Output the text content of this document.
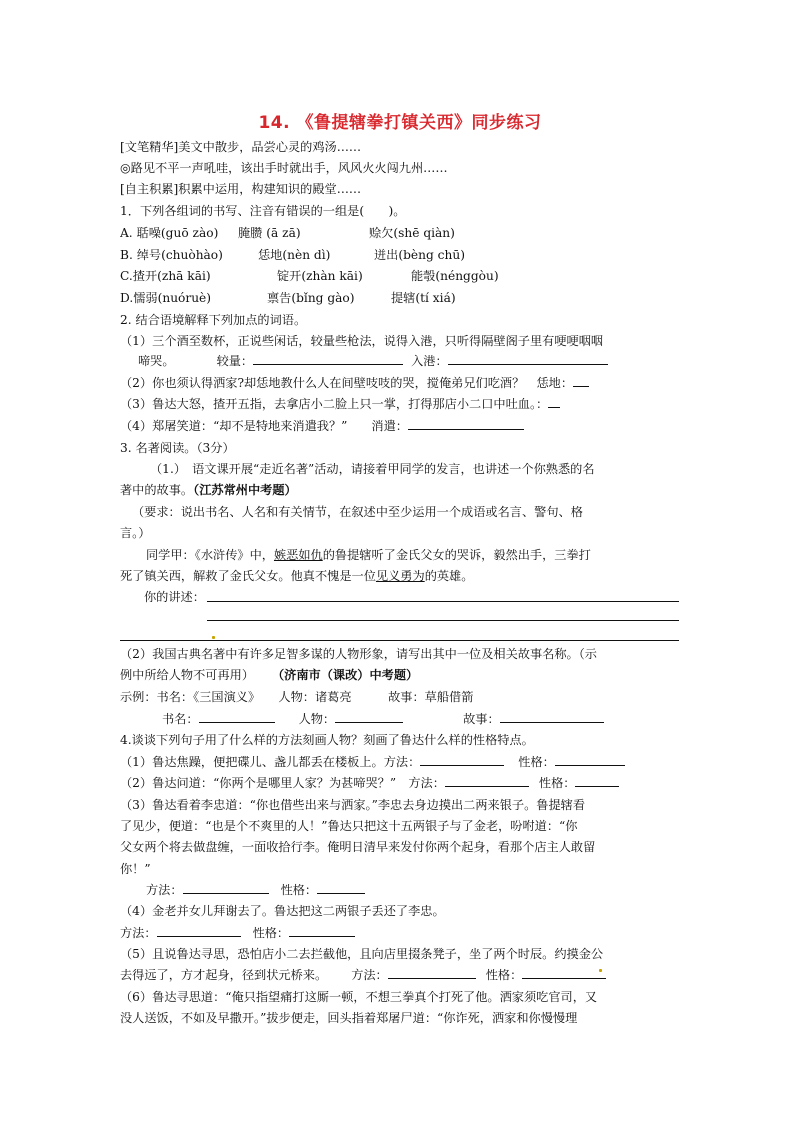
14. 《鲁提辖拳打镇关西》同步练习
[文笔精华]美文中散步，品尝心灵的鸡汤……
◎路见不平一声吼哇，该出手时就出手，风风火火闯九州……
[自主积累]积累中运用，构建知识的殿堂……
1．下列各组词的书写、注音有错误的一组是(　　)。
A. 聒噪(guō zào) 腌臜 (ā zā)	赊欠(shē qiàn)
B. 绰号(chuòhào)	恁地(nèn dì)	迸出(bèng chū)
C.揸开(zhā kāi)	锭开(zhàn kāi)	能彀(nénggòu)
D.懦弱(nuóruè)	禀告(bǐng gào)	提辖(tí xiá)
2. 结合语境解释下列加点的词语。
（1）三个酒至数杯，正说些闲话，较量些枪法，说得入港，只听得隔壁阁子里有哽哽咽咽
啼哭。	较量：	入港：
（2）你也须认得洒家?却恁地教什么人在间壁吱吱的哭，搅俺弟兄们吃酒？　恁地：
（3）鲁达大怒，揸开五指，去拿店小二脸上只一掌，打得那店小二口中吐血。：
（4）郑屠笑道：“却不是特地来消遣我？” 消遣：
3. 名著阅读。（3分）
（1.）　语文课开展“走近名著”活动，请接着甲同学的发言，也讲述一个你熟悉的名
著中的故事。（江苏常州中考题）
（要求：说出书名、人名和有关情节，在叙述中至少运用一个成语或名言、警句、格
言。）
同学甲：《水浒传》中，嫉恶如仇的鲁提辖听了金氏父女的哭诉，毅然出手，三拳打
死了镇关西，解救了金氏父女。他真不愧是一位见义勇为的英雄。
你的讲述：
（2）我国古典名著中有许多足智多谋的人物形象，请写出其中一位及相关故事名称。（示
例中所给人物不可再用） （济南市（课改）中考题）
示例：书名：《三国演义》　　人物：诸葛亮　　　故事：草船借箭
书名：	人物：	故事：
4.谈谈下列句子用了什么样的方法刻画人物？刻画了鲁达什么样的性格特点。
（1）鲁达焦躁，便把碟儿、盏儿都丢在楼板上。方法：	性格：
（2）鲁达问道：“你两个是哪里人家？为甚啼哭？”　方法：	性格：
（3）鲁达看着李忠道：“你也借些出来与洒家。”李忠去身边摸出二两来银子。鲁提辖看
了见少，便道：“也是个不爽里的人！”鲁达只把这十五两银子与了金老，吩咐道：“你
父女两个将去做盘缠，一面收拾行李。俺明日清早来发付你两个起身，看那个店主人敢留
你！”
方法：	性格：
（4）金老并女儿拜谢去了。鲁达把这二两银子丢还了李忠。
方法：	性格：
（5）且说鲁达寻思，恐怕店小二去拦截他，且向店里掇条凳子，坐了两个时辰。约摸金公
去得远了，方才起身，径到状元桥来。 方法：	性格：
（6）鲁达寻思道：“俺只指望痛打这厮一顿，不想三拳真个打死了他。洒家须吃官司，又
没人送饭，不如及早撒开。”拔步便走，回头指着郑屠尸道：“你诈死，洒家和你慢慢理
